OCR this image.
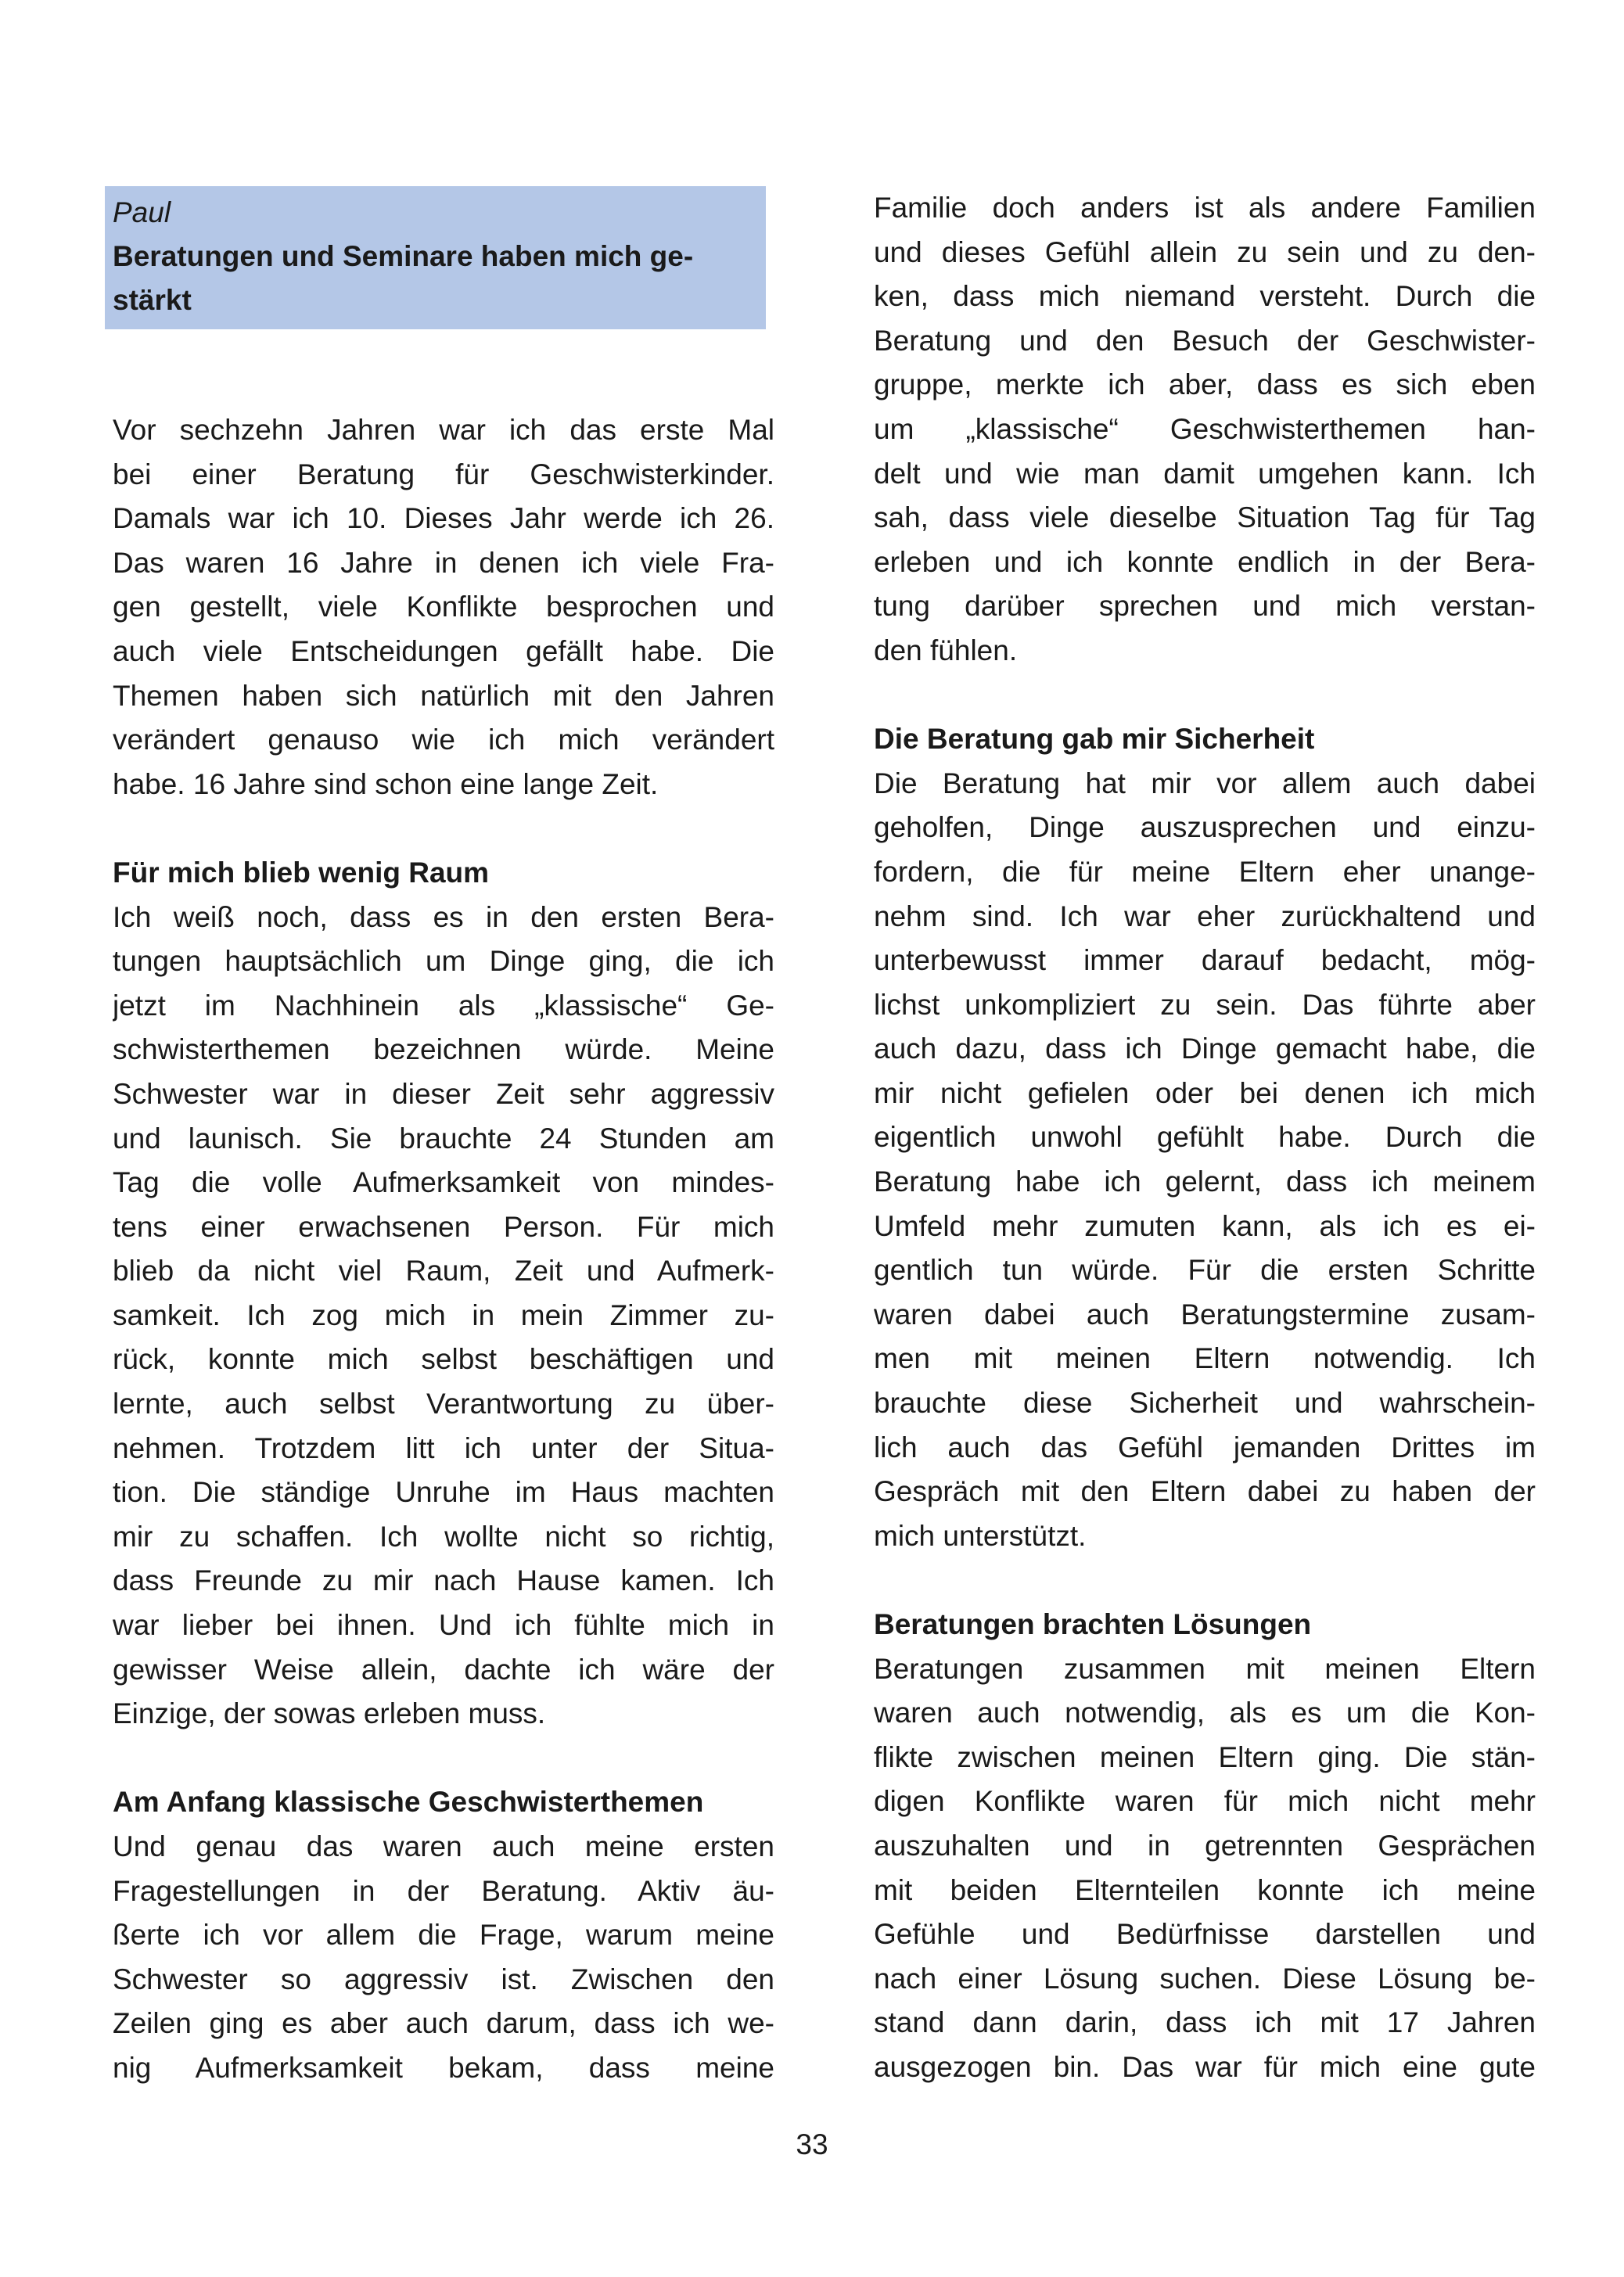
Paul
Beratungen und Seminare haben mich ge-
stärkt
Vor sechzehn Jahren war ich das erste Mal
bei einer Beratung für Geschwisterkinder.
Damals war ich 10. Dieses Jahr werde ich 26.
Das waren 16 Jahre in denen ich viele Fra-
gen gestellt, viele Konflikte besprochen und
auch viele Entscheidungen gefällt habe. Die
Themen haben sich natürlich mit den Jahren
verändert genauso wie ich mich verändert
habe. 16 Jahre sind schon eine lange Zeit.
Für mich blieb wenig Raum
Ich weiß noch, dass es in den ersten Bera-
tungen hauptsächlich um Dinge ging, die ich
jetzt im Nachhinein als „klassische“ Ge-
schwisterthemen bezeichnen würde. Meine
Schwester war in dieser Zeit sehr aggressiv
und launisch. Sie brauchte 24 Stunden am
Tag die volle Aufmerksamkeit von mindes-
tens einer erwachsenen Person. Für mich
blieb da nicht viel Raum, Zeit und Aufmerk-
samkeit. Ich zog mich in mein Zimmer zu-
rück, konnte mich selbst beschäftigen und
lernte, auch selbst Verantwortung zu über-
nehmen. Trotzdem litt ich unter der Situa-
tion. Die ständige Unruhe im Haus machten
mir zu schaffen. Ich wollte nicht so richtig,
dass Freunde zu mir nach Hause kamen. Ich
war lieber bei ihnen. Und ich fühlte mich in
gewisser Weise allein, dachte ich wäre der
Einzige, der sowas erleben muss.
Am Anfang klassische Geschwisterthemen
Und genau das waren auch meine ersten
Fragestellungen in der Beratung. Aktiv äu-
ßerte ich vor allem die Frage, warum meine
Schwester so aggressiv ist. Zwischen den
Zeilen ging es aber auch darum, dass ich we-
nig Aufmerksamkeit bekam, dass meine
Familie doch anders ist als andere Familien
und dieses Gefühl allein zu sein und zu den-
ken, dass mich niemand versteht. Durch die
Beratung und den Besuch der Geschwister-
gruppe, merkte ich aber, dass es sich eben
um „klassische“ Geschwisterthemen han-
delt und wie man damit umgehen kann. Ich
sah, dass viele dieselbe Situation Tag für Tag
erleben und ich konnte endlich in der Bera-
tung darüber sprechen und mich verstan-
den fühlen.
Die Beratung gab mir Sicherheit
Die Beratung hat mir vor allem auch dabei
geholfen, Dinge auszusprechen und einzu-
fordern, die für meine Eltern eher unange-
nehm sind. Ich war eher zurückhaltend und
unterbewusst immer darauf bedacht, mög-
lichst unkompliziert zu sein. Das führte aber
auch dazu, dass ich Dinge gemacht habe, die
mir nicht gefielen oder bei denen ich mich
eigentlich unwohl gefühlt habe. Durch die
Beratung habe ich gelernt, dass ich meinem
Umfeld mehr zumuten kann, als ich es ei-
gentlich tun würde. Für die ersten Schritte
waren dabei auch Beratungstermine zusam-
men mit meinen Eltern notwendig. Ich
brauchte diese Sicherheit und wahrschein-
lich auch das Gefühl jemanden Drittes im
Gespräch mit den Eltern dabei zu haben der
mich unterstützt.
Beratungen brachten Lösungen
Beratungen zusammen mit meinen Eltern
waren auch notwendig, als es um die Kon-
flikte zwischen meinen Eltern ging. Die stän-
digen Konflikte waren für mich nicht mehr
auszuhalten und in getrennten Gesprächen
mit beiden Elternteilen konnte ich meine
Gefühle und Bedürfnisse darstellen und
nach einer Lösung suchen. Diese Lösung be-
stand dann darin, dass ich mit 17 Jahren
ausgezogen bin. Das war für mich eine gute
33
